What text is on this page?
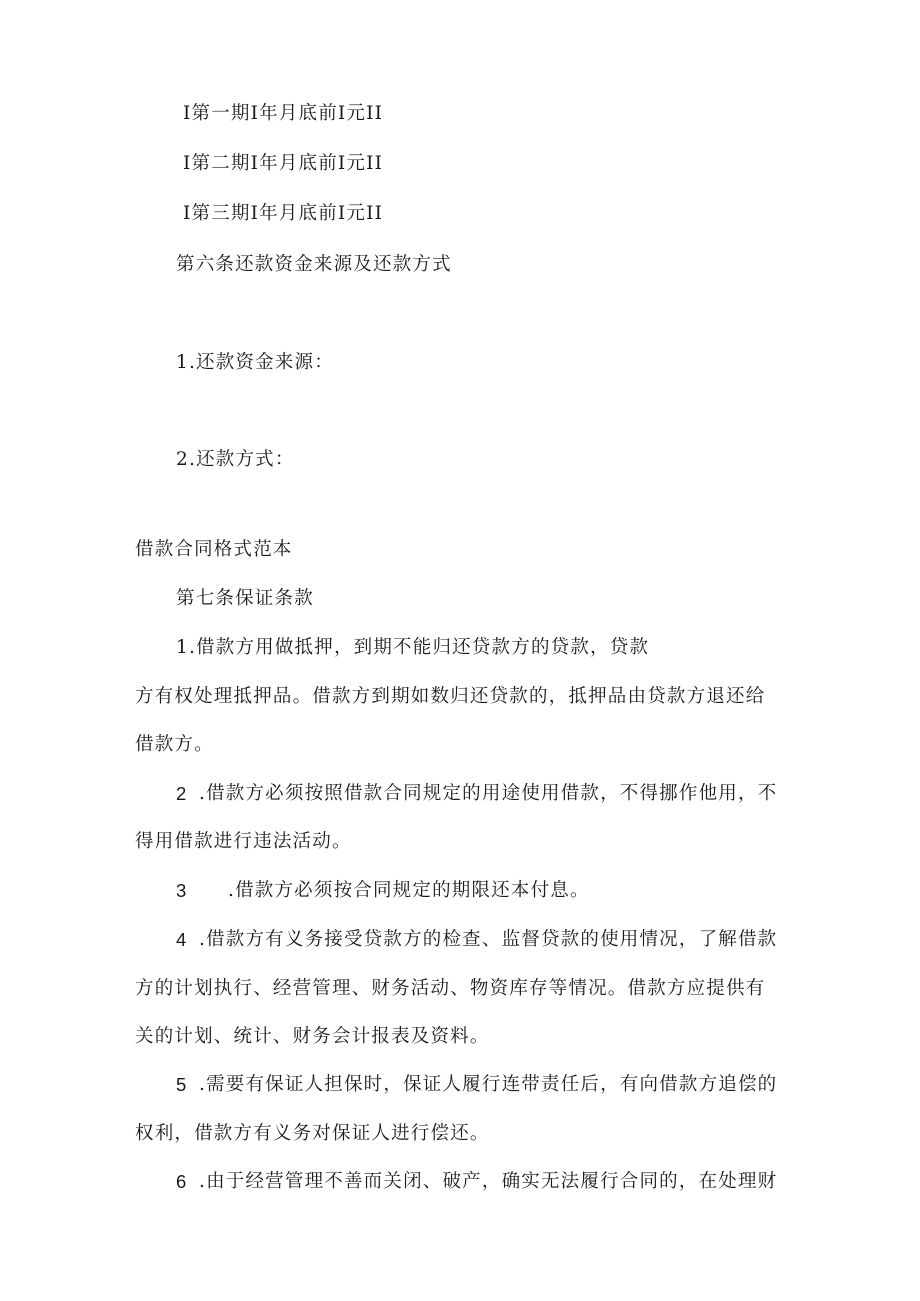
I第一期I年月底前I元II
I第二期I年月底前I元II
I第三期I年月底前I元II
第六条还款资金来源及还款方式
1.还款资金来源：
2.还款方式：
借款合同格式范本
第七条保证条款
1.借款方用做抵押，到期不能归还贷款方的贷款，贷款
方有权处理抵押品。借款方到期如数归还贷款的，抵押品由贷款方退还给
借款方。
2 .借款方必须按照借款合同规定的用途使用借款，不得挪作他用，不
得用借款进行违法活动。
3 .借款方必须按合同规定的期限还本付息。
4 .借款方有义务接受贷款方的检查、监督贷款的使用情况，了解借款
方的计划执行、经营管理、财务活动、物资库存等情况。借款方应提供有
关的计划、统计、财务会计报表及资料。
5 .需要有保证人担保时，保证人履行连带责任后，有向借款方追偿的
权利，借款方有义务对保证人进行偿还。
6 .由于经营管理不善而关闭、破产，确实无法履行合同的，在处理财
